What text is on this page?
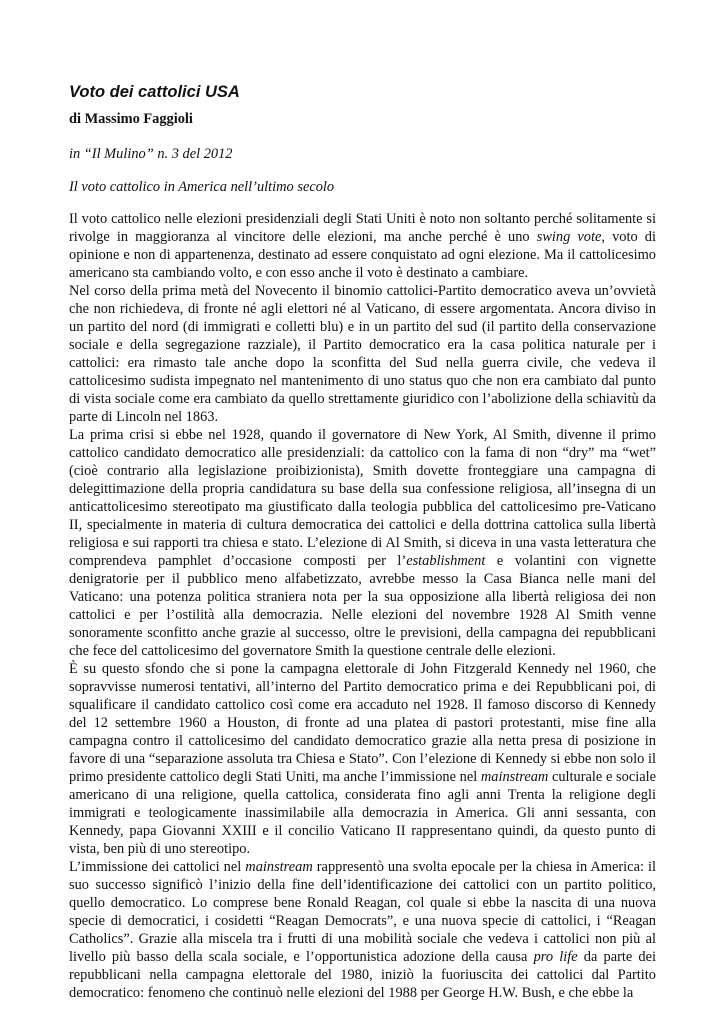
Voto dei cattolici USA

di Massimo Faggioli

in “Il Mulino” n. 3 del 2012

Il voto cattolico in America nell’ultimo secolo

Il voto cattolico nelle elezioni presidenziali degli Stati Uniti è noto non soltanto perché solitamente si rivolge in maggioranza al vincitore delle elezioni, ma anche perché è uno swing vote, voto di opinione e non di appartenenza, destinato ad essere conquistato ad ogni elezione. Ma il cattolicesimo americano sta cambiando volto, e con esso anche il voto è destinato a cambiare.

Nel corso della prima metà del Novecento il binomio cattolici-Partito democratico aveva un’ovvietà che non richiedeva, di fronte né agli elettori né al Vaticano, di essere argomentata. Ancora diviso in un partito del nord (di immigrati e colletti blu) e in un partito del sud (il partito della conservazione sociale e della segregazione razziale), il Partito democratico era la casa politica naturale per i cattolici: era rimasto tale anche dopo la sconfitta del Sud nella guerra civile, che vedeva il cattolicesimo sudista impegnato nel mantenimento di uno status quo che non era cambiato dal punto di vista sociale come era cambiato da quello strettamente giuridico con l’abolizione della schiavitù da parte di Lincoln nel 1863.

La prima crisi si ebbe nel 1928, quando il governatore di New York, Al Smith, divenne il primo cattolico candidato democratico alle presidenziali: da cattolico con la fama di non “dry” ma “wet” (cioè contrario alla legislazione proibizionista), Smith dovette fronteggiare una campagna di delegittimazione della propria candidatura su base della sua confessione religiosa, all’insegna di un anticattolicesimo stereotipato ma giustificato dalla teologia pubblica del cattolicesimo pre-Vaticano II, specialmente in materia di cultura democratica dei cattolici e della dottrina cattolica sulla libertà religiosa e sui rapporti tra chiesa e stato. L’elezione di Al Smith, si diceva in una vasta letteratura che comprendeva pamphlet d’occasione composti per l’establishment e volantini con vignette denigratorie per il pubblico meno alfabetizzato, avrebbe messo la Casa Bianca nelle mani del Vaticano: una potenza politica straniera nota per la sua opposizione alla libertà religiosa dei non cattolici e per l’ostilità alla democrazia. Nelle elezioni del novembre 1928 Al Smith venne sonoramente sconfitto anche grazie al successo, oltre le previsioni, della campagna dei repubblicani che fece del cattolicesimo del governatore Smith la questione centrale delle elezioni.

È su questo sfondo che si pone la campagna elettorale di John Fitzgerald Kennedy nel 1960, che sopravvisse numerosi tentativi, all’interno del Partito democratico prima e dei Repubblicani poi, di squalificare il candidato cattolico così come era accaduto nel 1928. Il famoso discorso di Kennedy del 12 settembre 1960 a Houston, di fronte ad una platea di pastori protestanti, mise fine alla campagna contro il cattolicesimo del candidato democratico grazie alla netta presa di posizione in favore di una “separazione assoluta tra Chiesa e Stato”. Con l’elezione di Kennedy si ebbe non solo il primo presidente cattolico degli Stati Uniti, ma anche l’immissione nel mainstream culturale e sociale americano di una religione, quella cattolica, considerata fino agli anni Trenta la religione degli immigrati e teologicamente inassimilabile alla democrazia in America. Gli anni sessanta, con Kennedy, papa Giovanni XXIII e il concilio Vaticano II rappresentano quindi, da questo punto di vista, ben più di uno stereotipo.

L’immissione dei cattolici nel mainstream rappresentò una svolta epocale per la chiesa in America: il suo successo significò l’inizio della fine dell’identificazione dei cattolici con un partito politico, quello democratico. Lo comprese bene Ronald Reagan, col quale si ebbe la nascita di una nuova specie di democratici, i cosidetti “Reagan Democrats”, e una nuova specie di cattolici, i “Reagan Catholics”. Grazie alla miscela tra i frutti di una mobilità sociale che vedeva i cattolici non più al livello più basso della scala sociale, e l’opportunistica adozione della causa pro life da parte dei repubblicani nella campagna elettorale del 1980, iniziò la fuoriuscita dei cattolici dal Partito democratico: fenomeno che continuò nelle elezioni del 1988 per George H.W. Bush, e che ebbe la
